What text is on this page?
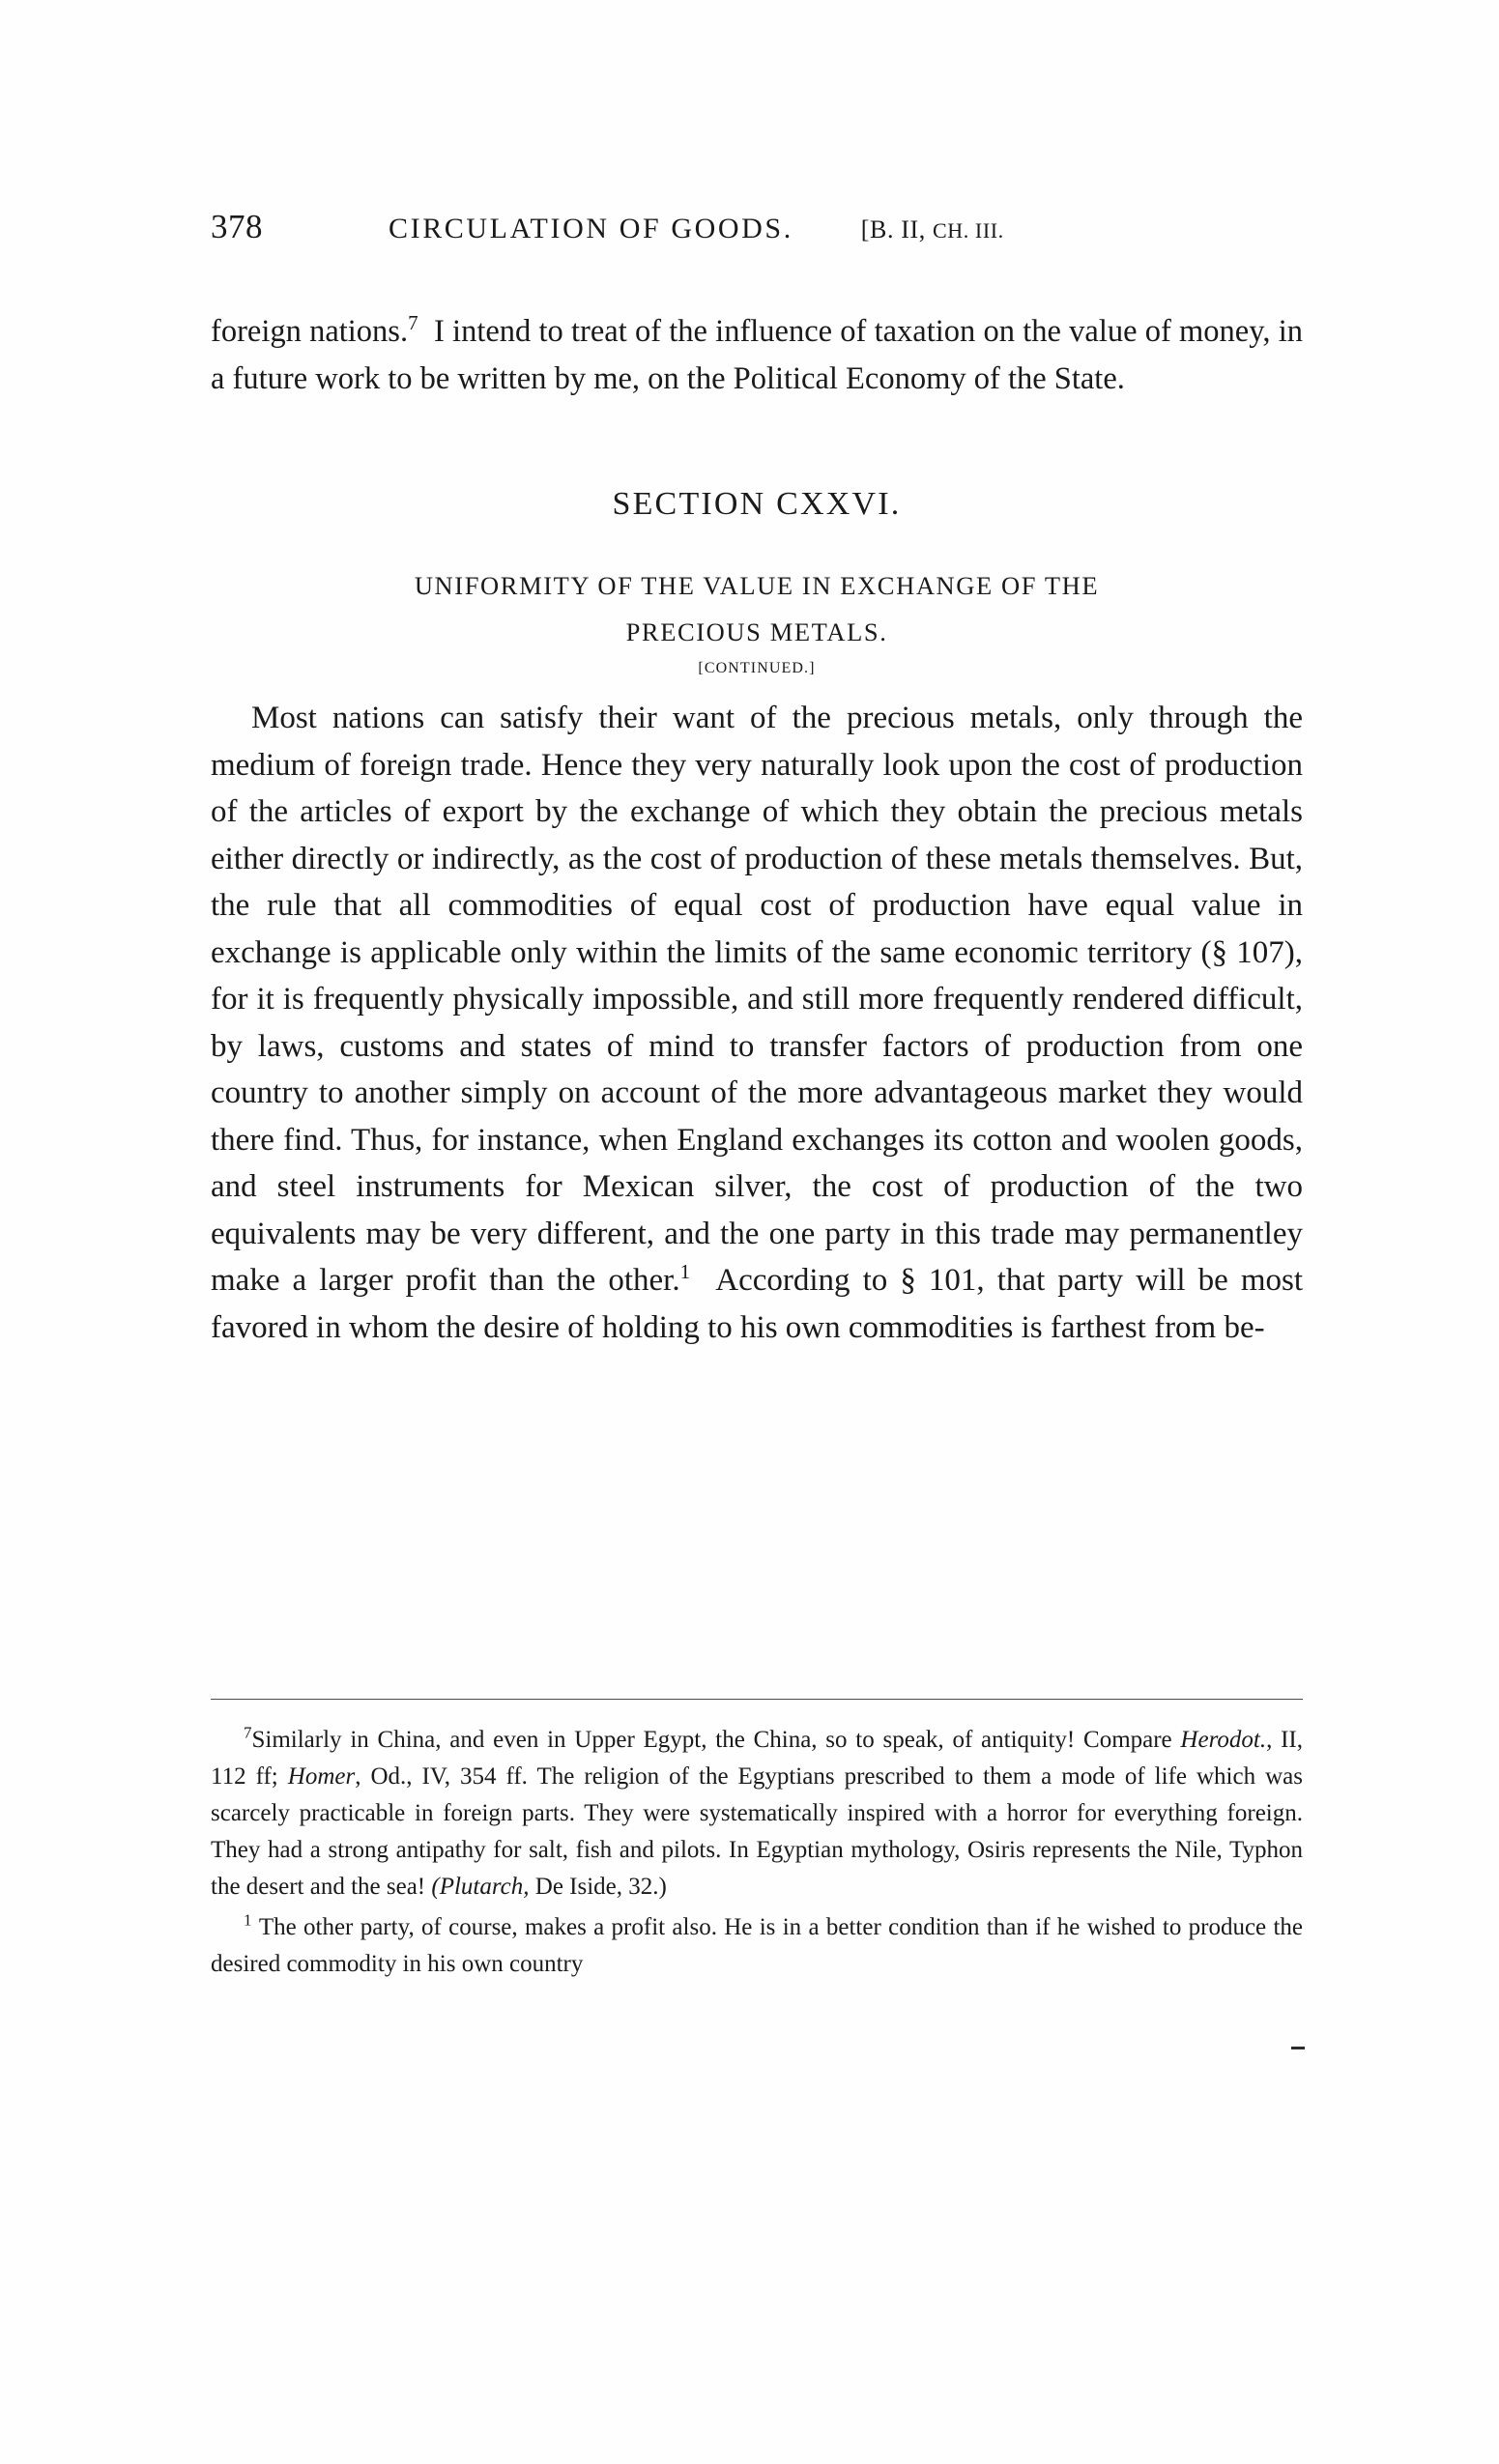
378	CIRCULATION OF GOODS.	[B. II, CH. III.

foreign nations.$^7$ I intend to treat of the influence of taxation on the value of money, in a future work to be written by me, on the Political Economy of the State.

SECTION CXXVI.
UNIFORMITY OF THE VALUE IN EXCHANGE OF THE
PRECIOUS METALS.
[CONTINUED.]

Most nations can satisfy their want of the precious metals, only through the medium of foreign trade. Hence they very naturally look upon the cost of production of the articles of export by the exchange of which they obtain the precious metals either directly or indirectly, as the cost of production of these metals themselves. But, the rule that all commodities of equal cost of production have equal value in exchange is applicable only within the limits of the same economic territory (§ 107), for it is frequently physically impossible, and still more frequently rendered difficult, by laws, customs and states of mind to transfer factors of production from one country to another simply on account of the more advantageous market they would there find. Thus, for instance, when England exchanges its cotton and woolen goods, and steel instruments for Mexican silver, the cost of production of the two equivalents may be very different, and the one party in this trade may permanentley make a larger profit than the other.$^1$ According to § 101, that party will be most favored in whom the desire of holding to his own commodities is farthest from be-

$^7$Similarly in China, and even in Upper Egypt, the China, so to speak, of antiquity! Compare Herodot., II, 112 ff; Homer, Od., IV, 354 ff. The religion of the Egyptians prescribed to them a mode of life which was scarcely practicable in foreign parts. They were systematically inspired with a horror for everything foreign. They had a strong antipathy for salt, fish and pilots. In Egyptian mythology, Osiris represents the Nile, Typhon the desert and the sea! (Plutarch, De Iside, 32.)

$^1$ The other party, of course, makes a profit also. He is in a better condition than if he wished to produce the desired commodity in his own country
